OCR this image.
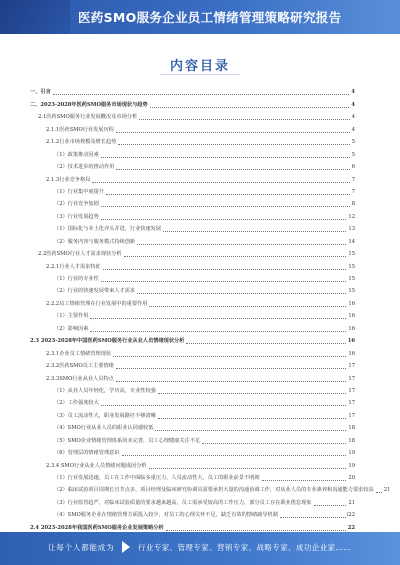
医药SMO服务企业员工情绪管理策略研究报告
内容目录
一、引言	4
二、2023-2028年医药SMO服务市场现状与趋势	4
2.1医药SMO服务行业发展概况及市场分析	4
2.1.1医药SMO行业发展历程	4
2.1.2行业市场规模及增长趋势	5
（1）政策推动因素	5
（2）技术进步的推动作用	6
2.1.3行业竞争格局	7
（1）行业集中度提升	7
（2）行业竞争加剧	8
（3）行业发展趋势	12
（1）国际化与本土化齐头并进，行业快速发展	13
（2）服务内容与服务模式持续创新	14
2.2医药SMO行业人才需求现状分析	15
2.2.1行业人才需求特征	15
（1）行业的专业性	15
（2）行业的快速发展带来人才需求	15
2.2.2员工情绪管理在行业发展中的重要作用	16
（1）主要作用	16
（2）影响因素	16
2.3 2023-2028年中国医药SMO服务行业从业人员情绪现状分析	16
2.3.1企业员工情绪管理现状	16
2.3.2医药SMO员工主要情绪	17
2.3.3SMO行业从业人员特点	17
（1）从业人员年轻化，学历高，专业性较强	17
（2）工作强度较大	17
（3）员工流动性大，职业发展路径不够清晰	17
（4）SMO行业从业人员的职业认同感较低	18
（5）SMO企业情绪管理体系尚未完善，员工心理健康关注不足	18
（6）管理层的情绪管理意识	19
2.3.4 SMO行业从业人员情绪问题成因分析	19
（1）行业发展迅速，员工在工作中面临多重压力，人员流动性大，员工的职业前景不明朗	20
（2）临床试验项目周期长且节点多，项目经理及临床研究协调员需要承担大量的沟通协调工作，对从业人员的专业素养和沟通能力要求较高 21
（3）行业监管趋严，对临床试验质量的要求越来越高，员工需承受较高的工作压力，部分员工存在职业倦怠现象	21
（4）SMO服务企业在情绪管理方面投入较少，对员工的心理关怀不足，缺乏有效的情绪疏导机制	22
2.4 2023-2028年我国医药SMO服务企业发展策略分析	22
1
让每个人都能成为	行业专家、管理专家、营销专家、战略专家、成功企业家……
